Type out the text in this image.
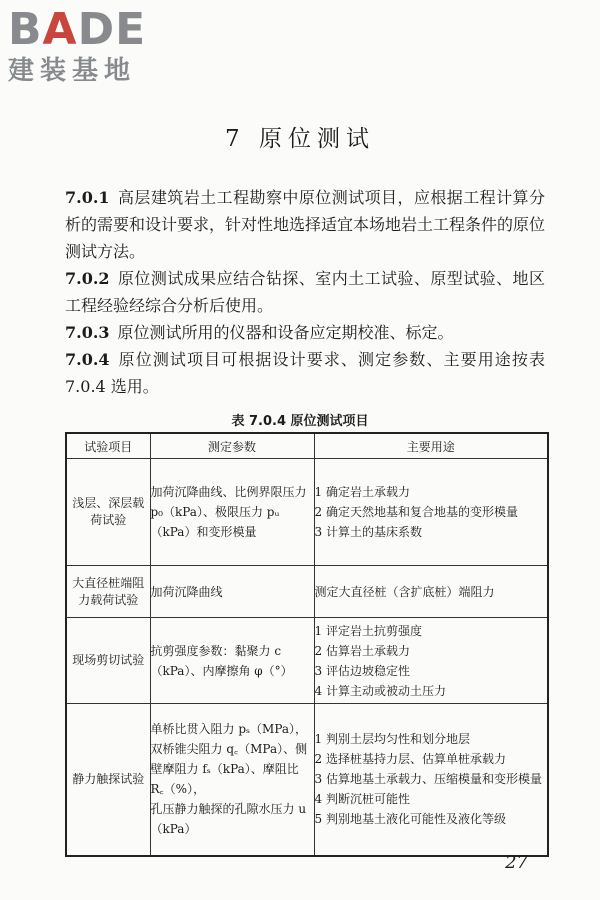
BADE
建装基地
7 原位测试

7.0.1 高层建筑岩土工程勘察中原位测试项目，应根据工程计算分析的需要和设计要求，针对性地选择适宜本场地岩土工程条件的原位测试方法。

7.0.2 原位测试成果应结合钻探、室内土工试验、原型试验、地区工程经验经综合分析后使用。

7.0.3 原位测试所用的仪器和设备应定期校准、标定。

7.0.4 原位测试项目可根据设计要求、测定参数、主要用途按表 7.0.4 选用。

表 7.0.4 原位测试项目
试验项目	测定参数	主要用途
浅层、深层载荷试验	加荷沉降曲线、比例界限压力 p₀（kPa）、极限压力 pᵤ（kPa）和变形模量	1 确定岩土承载力
2 确定天然地基和复合地基的变形模量
3 计算土的基床系数

大直径桩端阻力载荷试验	加荷沉降曲线	测定大直径桩（含扩底桩）端阻力

现场剪切试验	抗剪强度参数：黏聚力 c（kPa）、内摩擦角 φ（°）	1 评定岩土抗剪强度
2 估算岩土承载力
3 评估边坡稳定性
4 计算主动或被动土压力

静力触探试验	单桥比贯入阻力 pₛ（MPa），
双桥锥尖阻力 q꜀（MPa）、侧壁摩阻力 fₛ（kPa）、摩阻比 R꜀（%），
孔压静力触探的孔隙水压力 u（kPa）	1 判别土层均匀性和划分地层
2 选择桩基持力层、估算单桩承载力
3 估算地基土承载力、压缩模量和变形模量
4 判断沉桩可能性
5 判别地基土液化可能性及液化等级
27
